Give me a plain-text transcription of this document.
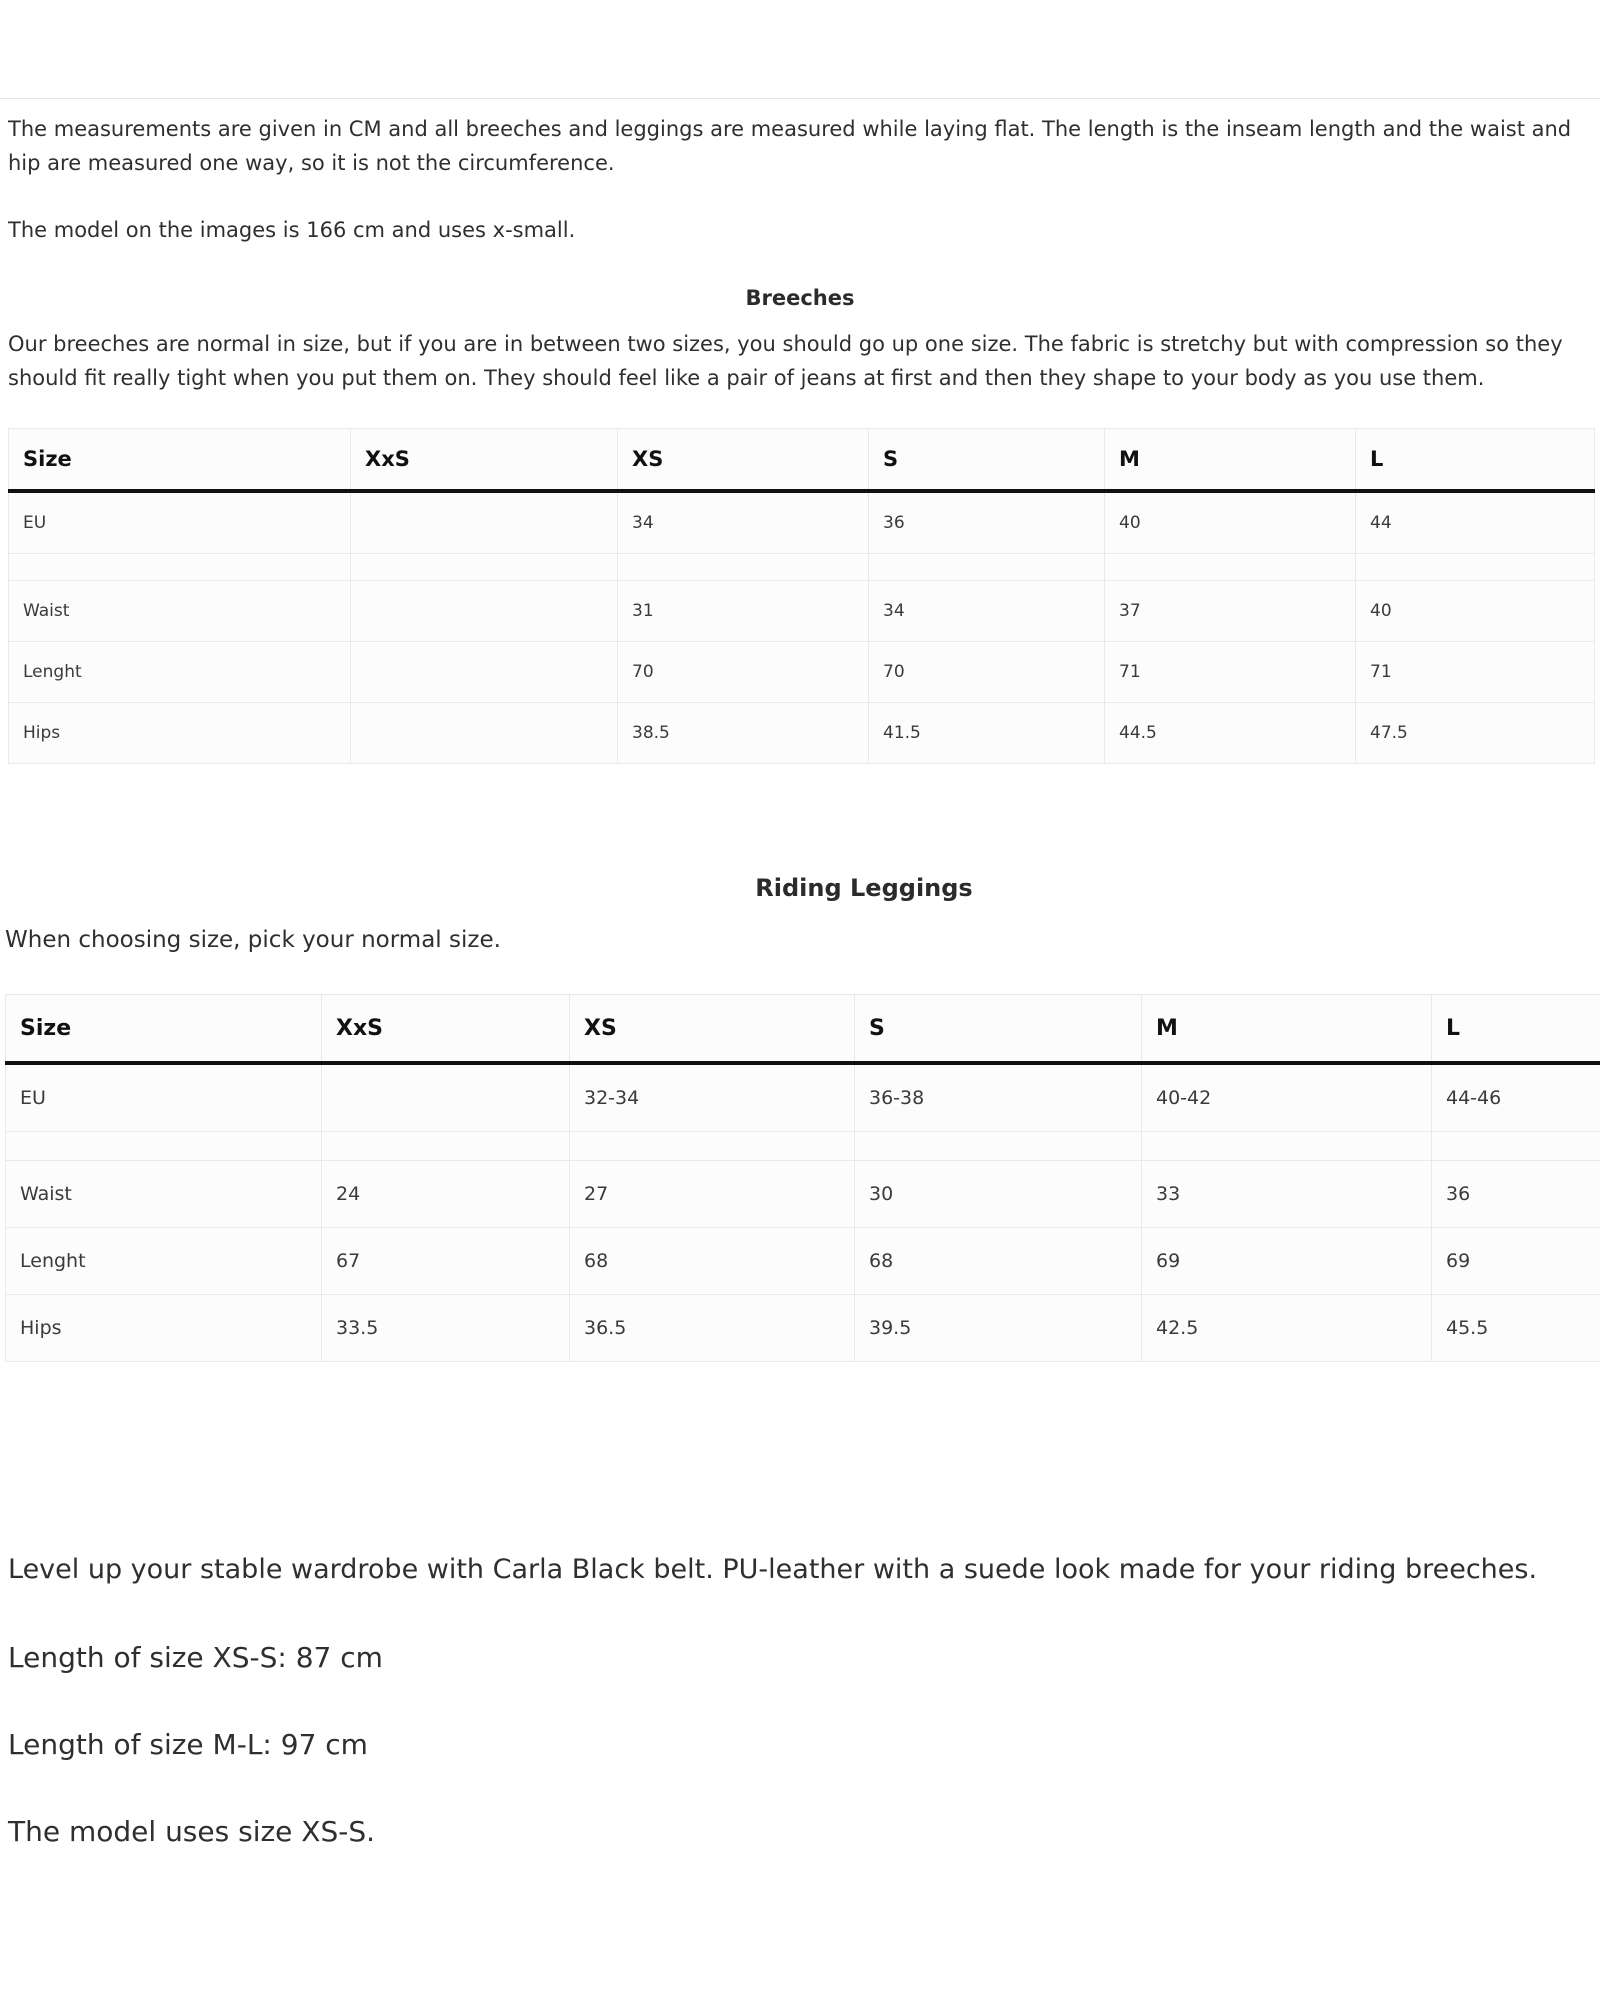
The measurements are given in CM and all breeches and leggings are measured while laying flat. The length is the inseam length and the waist and

hip are measured one way, so it is not the circumference.

The model on the images is 166 cm and uses x-small.

Breeches

Our breeches are normal in size, but if you are in between two sizes, you should go up one size. The fabric is stretchy but with compression so they

should fit really tight when you put them on. They should feel like a pair of jeans at first and then they shape to your body as you use them.

Size	XxS	XS	S	M	L
EU		34	36	40	44

Waist		31	34	37	40
Lenght		70	70	71	71
Hips		38.5	41.5	44.5	47.5
Riding Leggings

When choosing size, pick your normal size.

Size	XxS	XS	S	M	L
EU		32-34	36-38	40-42	44-46

Waist	24	27	30	33	36
Lenght	67	68	68	69	69
Hips	33.5	36.5	39.5	42.5	45.5

Level up your stable wardrobe with Carla Black belt. PU-leather with a suede look made for your riding breeches.

Length of size XS-S: 87 cm

Length of size M-L: 97 cm

The model uses size XS-S.
